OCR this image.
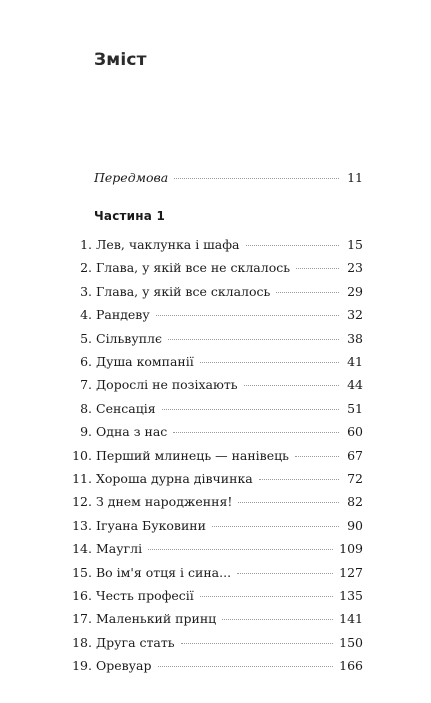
Зміст
Передмова	11
Частина 1
1. Лев, чаклунка і шафа	15
2. Глава, у якій все не склалось	23
3. Глава, у якій все склалось	29
4. Рандеву	32
5. Сільвуплє	38
6. Душа компанії	41
7. Дорослі не позіхають	44
8. Сенсація	51
9. Одна з нас	60
10. Перший млинець — нанівець	67
11. Хороша дурна дівчинка	72
12. З днем народження!	82
13. Ігуана Буковини	90
14. Мауглі	109
15. Во ім'я отця і сина...	127
16. Честь професії	135
17. Маленький принц	141
18. Друга стать	150
19. Оревуар	166
